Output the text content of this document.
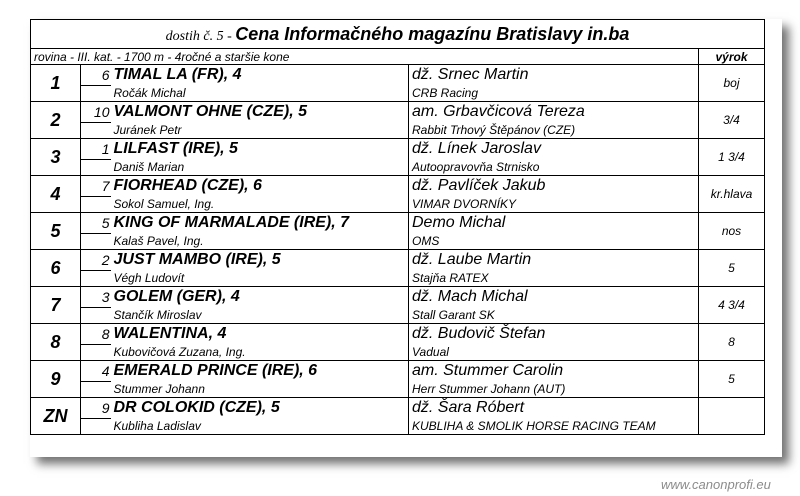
dostih č. 5 - Cena Informačného magazínu Bratislavy in.ba				
rovina - III. kat. - 1700 m - 4ročné a staršie kone				výrok
1	6	TIMAL LA (FR), 4	dž. Srnec Martin	boj
		Ročák Michal	CRB Racing	
2	10	VALMONT OHNE (CZE), 5	am. Grbavčicová Tereza	3/4
		Juránek Petr	Rabbit Trhový Štěpánov (CZE)	
3	1	LILFAST (IRE), 5	dž. Línek Jaroslav	1 3/4
		Daniš Marian	Autoopravovňa Strnisko	
4	7	FIORHEAD (CZE), 6	dž. Pavlíček Jakub	kr.hlava
		Sokol Samuel, Ing.	VIMAR DVORNÍKY	
5	5	KING OF MARMALADE (IRE), 7	Demo Michal	nos
		Kalaš Pavel, Ing.	OMS	
6	2	JUST MAMBO (IRE), 5	dž. Laube Martin	5
		Végh Ludovít	Stajňa RATEX	
7	3	GOLEM (GER), 4	dž. Mach Michal	4 3/4
		Stančík Miroslav	Stall Garant SK	
8	8	WALENTINA, 4	dž. Budovič Štefan	8
		Kubovičová Zuzana, Ing.	Vadual	
9	4	EMERALD PRINCE (IRE), 6	am. Stummer Carolin	5
		Stummer Johann	Herr Stummer Johann (AUT)	
ZN	9	DR COLOKID (CZE), 5	dž. Šara Róbert	
		Kubliha Ladislav	KUBLIHA & SMOLIK HORSE RACING TEAM	
www.canonprofi.eu
